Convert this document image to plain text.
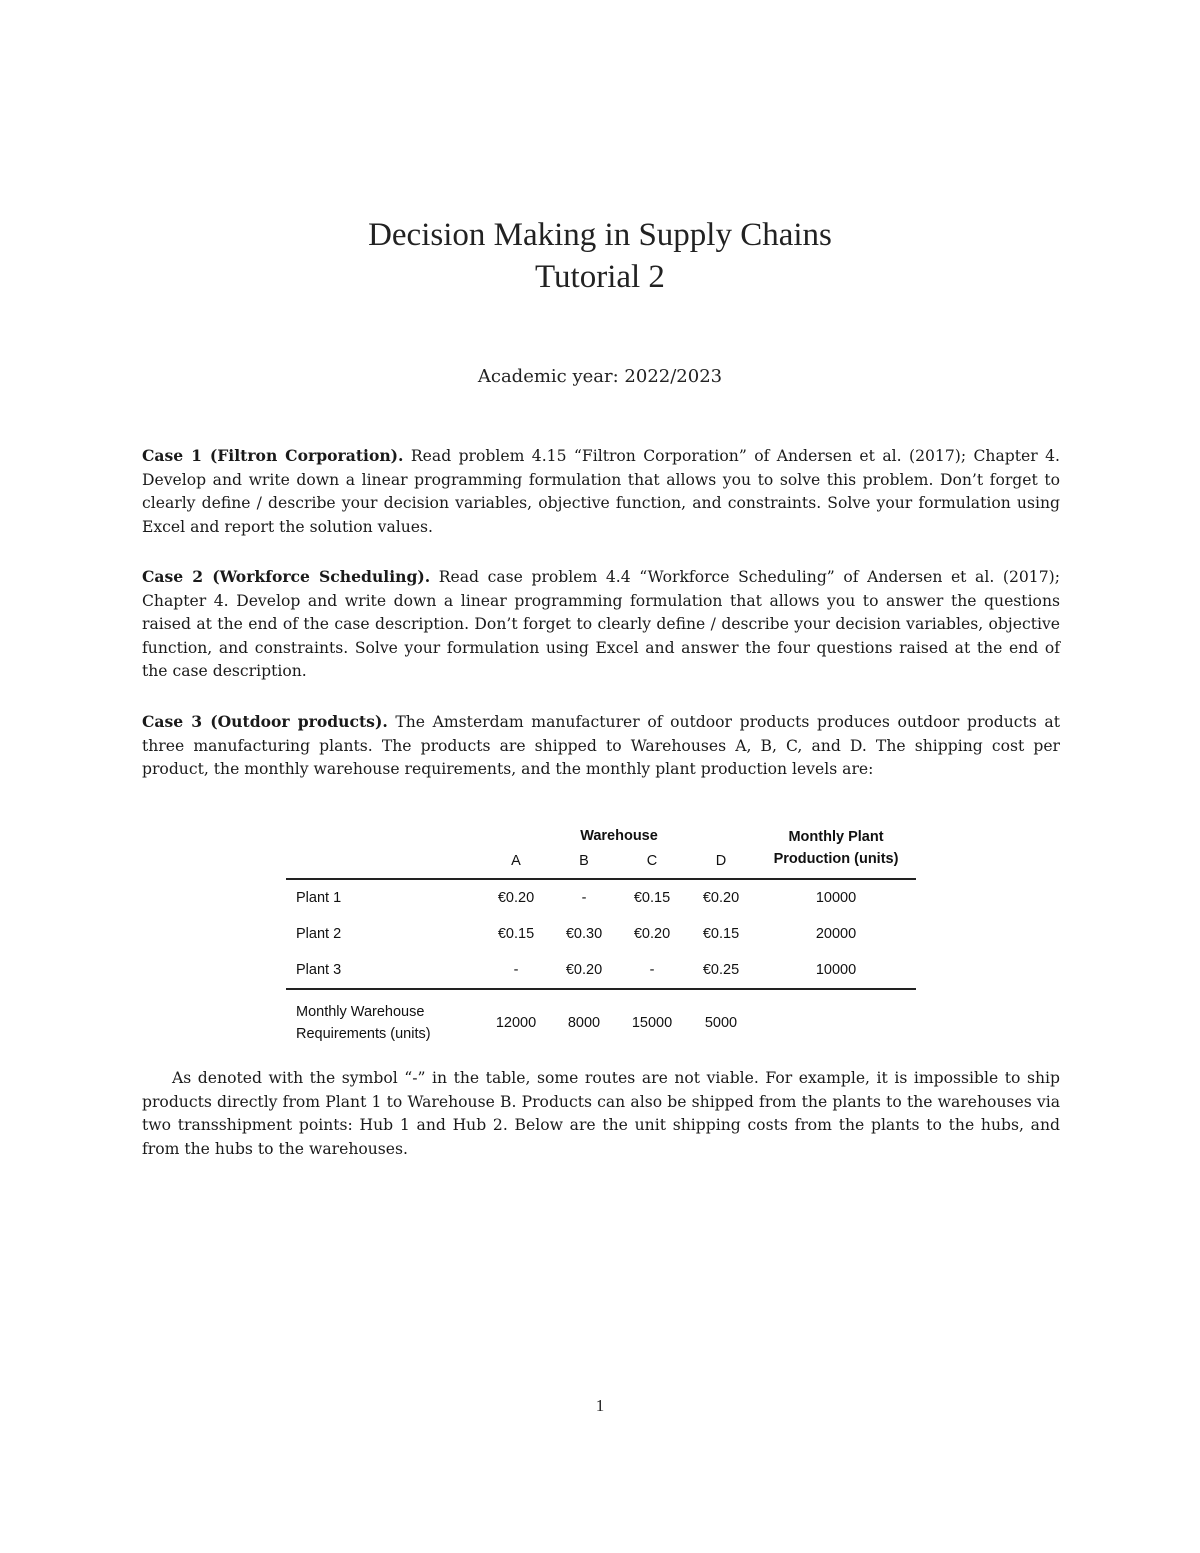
Decision Making in Supply Chains
Tutorial 2
Academic year: 2022/2023
Case 1 (Filtron Corporation). Read problem 4.15 “Filtron Corporation” of Andersen et al. (2017); Chapter 4. Develop and write down a linear programming formulation that allows you to solve this problem. Don’t forget to clearly define / describe your decision variables, objective function, and constraints. Solve your formulation using Excel and report the solution values.
Case 2 (Workforce Scheduling). Read case problem 4.4 “Workforce Scheduling” of Andersen et al. (2017); Chapter 4. Develop and write down a linear programming formulation that allows you to answer the questions raised at the end of the case description. Don’t forget to clearly define / describe your decision variables, objective function, and constraints. Solve your formulation using Excel and answer the four questions raised at the end of the case description.
Case 3 (Outdoor products). The Amsterdam manufacturer of outdoor products produces outdoor products at three manufacturing plants. The products are shipped to Warehouses A, B, C, and D. The shipping cost per product, the monthly warehouse requirements, and the monthly plant production levels are:
	Warehouse				Monthly Plant
Production (units)

	A	B	C	D	
Plant 1	€0.20	-	€0.15	€0.20	10000
Plant 2	€0.15	€0.30	€0.20	€0.15	20000
Plant 3	-	€0.20	-	€0.25	10000

Monthly Warehouse
Requirements (units)	12000	8000	15000	5000	
As denoted with the symbol “-” in the table, some routes are not viable. For example, it is impossible to ship products directly from Plant 1 to Warehouse B. Products can also be shipped from the plants to the warehouses via two transshipment points: Hub 1 and Hub 2. Below are the unit shipping costs from the plants to the hubs, and from the hubs to the warehouses.
1
